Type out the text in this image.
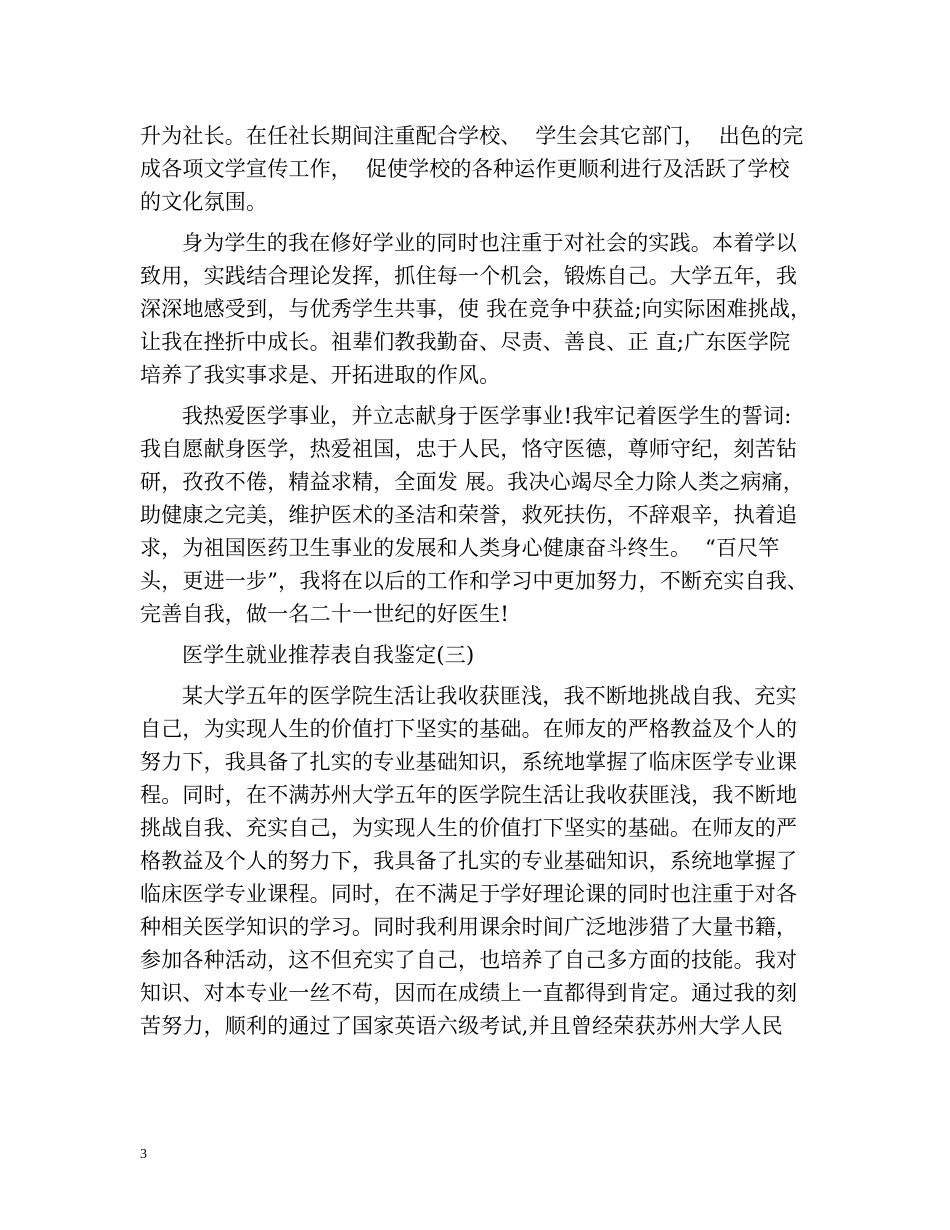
升为社长。在任社长期间注重配合学校、  学生会其它部门，  出色的完
成各项文学宣传工作，  促使学校的各种运作更顺利进行及活跃了学校
的文化氛围。
身为学生的我在修好学业的同时也注重于对社会的实践。本着学以
致用，实践结合理论发挥，抓住每一个机会，锻炼自己。大学五年，我
深深地感受到，与优秀学生共事，使 我在竞争中获益;向实际困难挑战，
让我在挫折中成长。祖辈们教我勤奋、尽责、善良、正 直;广东医学院
培养了我实事求是、开拓进取的作风。
我热爱医学事业，并立志献身于医学事业!我牢记着医学生的誓词:
我自愿献身医学，热爱祖国，忠于人民，恪守医德，尊师守纪，刻苦钻
研，孜孜不倦，精益求精，全面发 展。我决心竭尽全力除人类之病痛，
助健康之完美，维护医术的圣洁和荣誉，救死扶伤，不辞艰辛，执着追
求，为祖国医药卫生事业的发展和人类身心健康奋斗终生。  “百尺竿
头，更进一步”，我将在以后的工作和学习中更加努力，不断充实自我、
完善自我，做一名二十一世纪的好医生!
医学生就业推荐表自我鉴定(三)
某大学五年的医学院生活让我收获匪浅，我不断地挑战自我、充实
自己，为实现人生的价值打下坚实的基础。在师友的严格教益及个人的
努力下，我具备了扎实的专业基础知识，系统地掌握了临床医学专业课
程。同时，在不满苏州大学五年的医学院生活让我收获匪浅，我不断地
挑战自我、充实自己，为实现人生的价值打下坚实的基础。在师友的严
格教益及个人的努力下，我具备了扎实的专业基础知识，系统地掌握了
临床医学专业课程。同时，在不满足于学好理论课的同时也注重于对各
种相关医学知识的学习。同时我利用课余时间广泛地涉猎了大量书籍，
参加各种活动，这不但充实了自己，也培养了自己多方面的技能。我对
知识、对本专业一丝不苟，因而在成绩上一直都得到肯定。通过我的刻
苦努力，顺利的通过了国家英语六级考试,并且曾经荣获苏州大学人民
3
